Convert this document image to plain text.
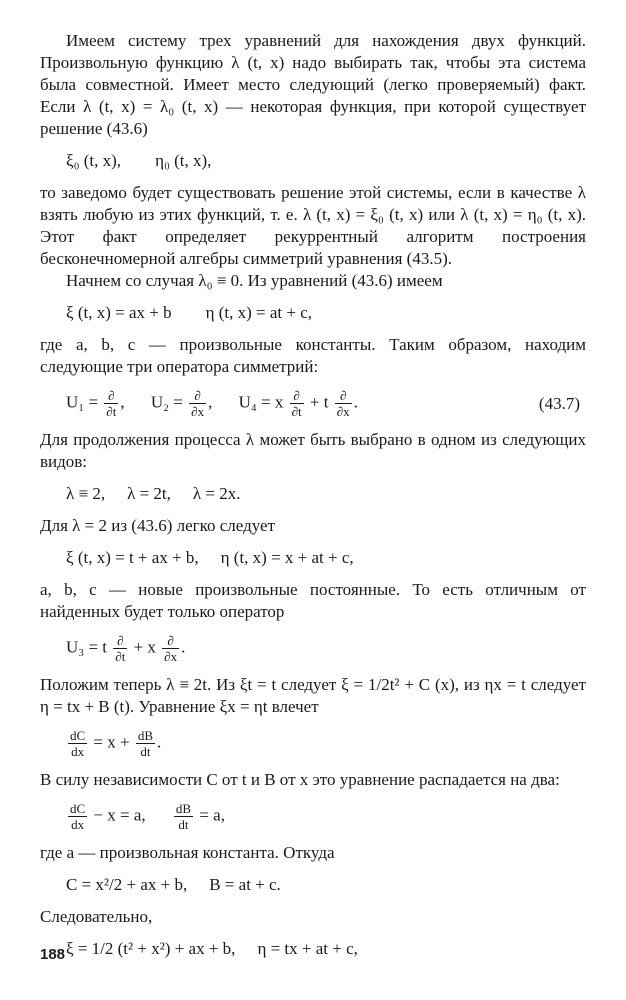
Имеем систему трех уравнений для нахождения двух функций. Произвольную функцию λ (t, x) надо выбирать так, чтобы эта система была совместной. Имеет место следующий (легко проверяемый) факт. Если λ (t, x) = λ₀ (t, x) — некоторая функция, при которой существует решение (43.6)

ξ₀ (t, x), η₀ (t, x),

то заведомо будет существовать решение этой системы, если в качестве λ взять любую из этих функций, т. е. λ (t, x) = ξ₀ (t, x) или λ (t, x) = η₀ (t, x). Этот факт определяет рекуррентный алгоритм построения бесконечномерной алгебры симметрий уравнения (43.5).

Начнем со случая λ₀ ≡ 0. Из уравнений (43.6) имеем

ξ (t, x) = ax + b η (t, x) = at + c,

где a, b, c — произвольные константы. Таким образом, находим следующие три оператора симметрий:

$U_1 = \frac{\partial}{\partial t}$ , $U_2 = \frac{\partial}{\partial x}$ , U₄ = x $\frac{\partial}{\partial t} + t \frac{\partial}{\partial x}$ .	(43.7)

Для продолжения процесса λ может быть выбрано в одном из следующих видов:

λ ≡ 2, λ = 2t, λ = 2x.

Для λ = 2 из (43.6) легко следует

ξ (t, x) = t + ax + b, η (t, x) = x + at + c,

a, b, c — новые произвольные постоянные. То есть отличным от найденных будет только оператор

U₃ = t $\frac{\partial}{\partial t} + x \frac{\partial}{\partial x}$ .

Положим теперь λ ≡ 2t. Из ξt = t следует ξ = 1/2t² + C (x), из ηx = t следует η = tx + B (t). Уравнение ξx = ηt влечет

$\frac{dC}{dx} = x + \frac{dB}{dt}$ .

В силу независимости C от t и B от x это уравнение распадается на два:

$\frac{dC}{dx} - x = a$, $\frac{dB}{dt} = a$,

где a — произвольная константа. Откуда

C = x²/2 + ax + b, B = at + c.

Следовательно,

ξ = 1/2 (t² + x²) + ax + b, η = tx + at + c,
188
